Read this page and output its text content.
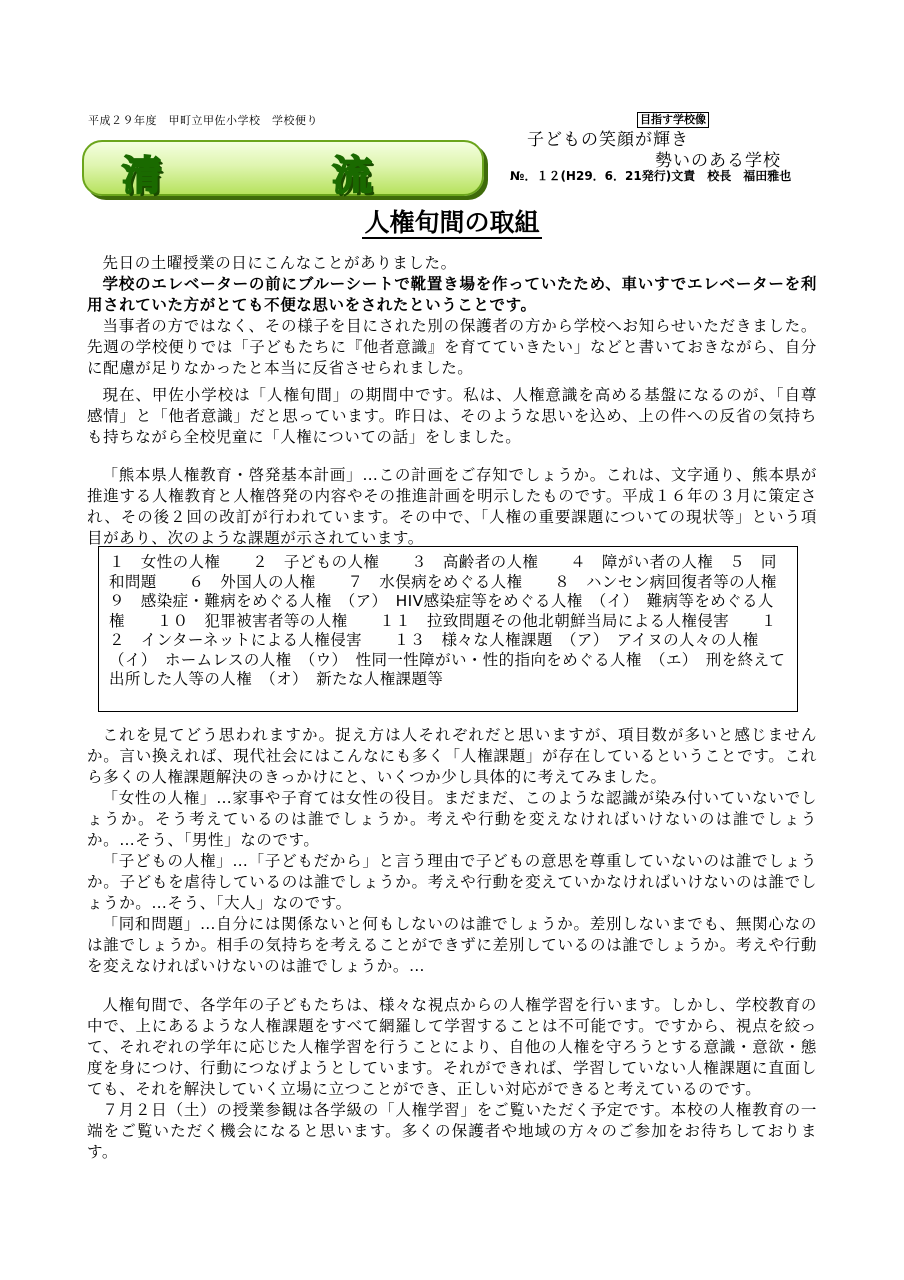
平成２９年度　甲町立甲佐小学校　学校便り	目指す学校像
子どもの笑顔が輝き
勢いのある学校
清	流	№．１２(H29．6．21発行)文責　校長　福田雅也
人権旬間の取組

先日の土曜授業の日にこんなことがありました。

学校のエレベーターの前にブルーシートで靴置き場を作っていたため、車いすでエレベーターを利用されていた方がとても不便な思いをされたということです。

当事者の方ではなく、その様子を目にされた別の保護者の方から学校へお知らせいただきました。先週の学校便りでは「子どもたちに『他者意識』を育てていきたい」などと書いておきながら、自分に配慮が足りなかったと本当に反省させられました。

現在、甲佐小学校は「人権旬間」の期間中です。私は、人権意識を高める基盤になるのが、「自尊感情」と「他者意識」だと思っています。昨日は、そのような思いを込め、上の件への反省の気持ちも持ちながら全校児童に「人権についての話」をしました。

「熊本県人権教育・啓発基本計画」…この計画をご存知でしょうか。これは、文字通り、熊本県が推進する人権教育と人権啓発の内容やその推進計画を明示したものです。平成１６年の３月に策定され、その後２回の改訂が行われています。その中で、「人権の重要課題についての現状等」という項目があり、次のような課題が示されています。

１　女性の人権　　２　子どもの人権　　３　高齢者の人権　　４　障がい者の人権　５　同和問題　　６　外国人の人権　　７　水俣病をめぐる人権　　８　ハンセン病回復者等の人権　　９　感染症・難病をめぐる人権　（ア）　HIV感染症等をめぐる人権　（イ）　難病等をめぐる人権　　１０　犯罪被害者等の人権　　１１　拉致問題その他北朝鮮当局による人権侵害　　１２　インターネットによる人権侵害　　１３　様々な人権課題　（ア）　アイヌの人々の人権　（イ）　ホームレスの人権　（ウ）　性同一性障がい・性的指向をめぐる人権　（エ）　刑を終えて出所した人等の人権　（オ）　新たな人権課題等

これを見てどう思われますか。捉え方は人それぞれだと思いますが、項目数が多いと感じませんか。言い換えれば、現代社会にはこんなにも多く「人権課題」が存在しているということです。これら多くの人権課題解決のきっかけにと、いくつか少し具体的に考えてみました。

「女性の人権」…家事や子育ては女性の役目。まだまだ、このような認識が染み付いていないでしょうか。そう考えているのは誰でしょうか。考えや行動を変えなければいけないのは誰でしょうか。…そう、「男性」なのです。

「子どもの人権」…「子どもだから」と言う理由で子どもの意思を尊重していないのは誰でしょうか。子どもを虐待しているのは誰でしょうか。考えや行動を変えていかなければいけないのは誰でしょうか。…そう、「大人」なのです。

「同和問題」…自分には関係ないと何もしないのは誰でしょうか。差別しないまでも、無関心なのは誰でしょうか。相手の気持ちを考えることができずに差別しているのは誰でしょうか。考えや行動を変えなければいけないのは誰でしょうか。…

人権旬間で、各学年の子どもたちは、様々な視点からの人権学習を行います。しかし、学校教育の中で、上にあるような人権課題をすべて網羅して学習することは不可能です。ですから、視点を絞って、それぞれの学年に応じた人権学習を行うことにより、自他の人権を守ろうとする意識・意欲・態度を身につけ、行動につなげようとしています。それができれば、学習していない人権課題に直面しても、それを解決していく立場に立つことができ、正しい対応ができると考えているのです。

７月２日（土）の授業参観は各学級の「人権学習」をご覧いただく予定です。本校の人権教育の一端をご覧いただく機会になると思います。多くの保護者や地域の方々のご参加をお待ちしております。
